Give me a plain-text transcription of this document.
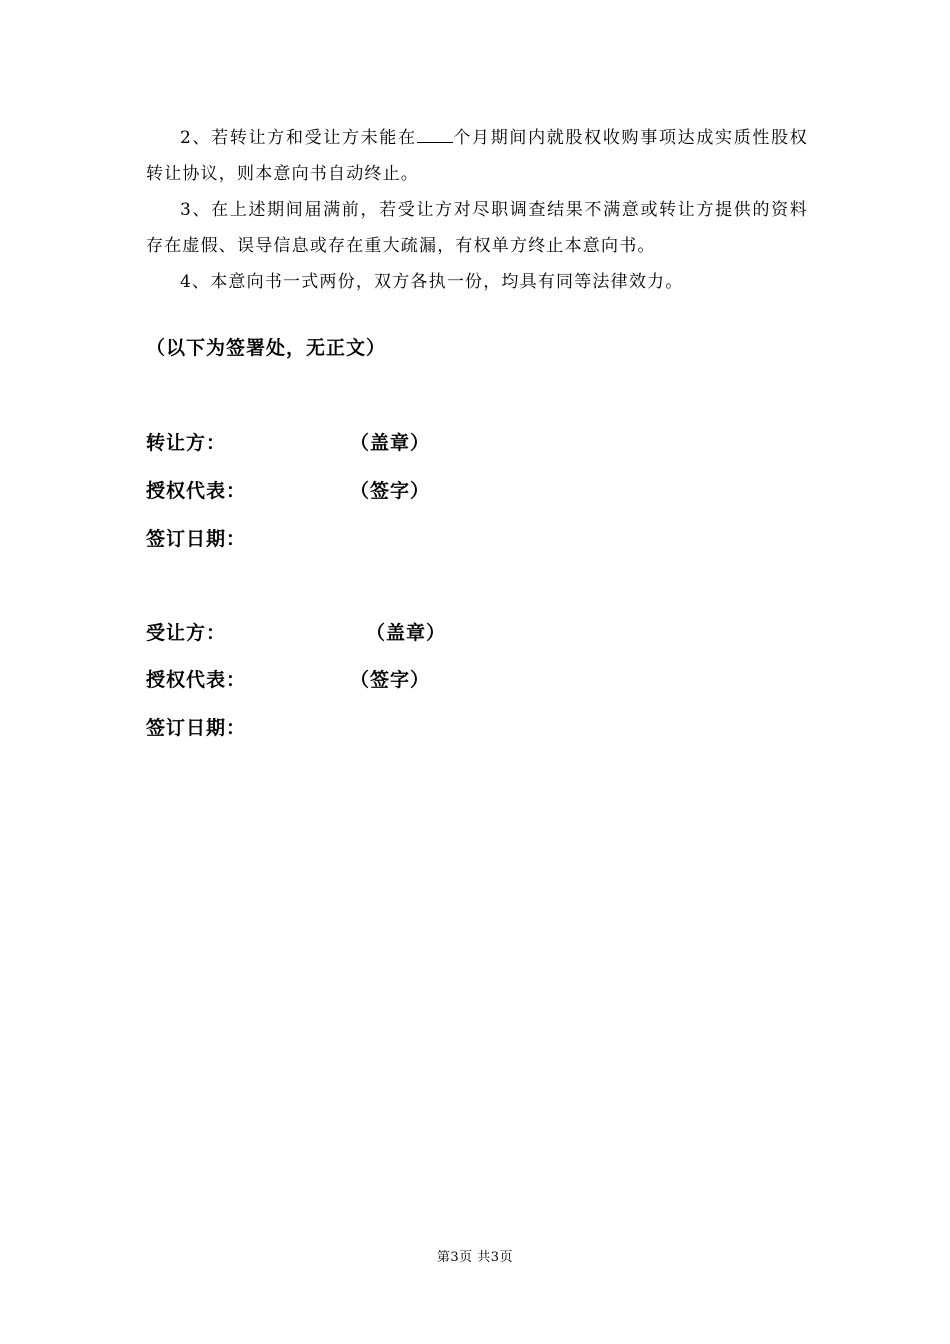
2、若转让方和受让方未能在 个月期间内就股权收购事项达成实质性股权转让协议，则本意向书自动终止。

3、在上述期间届满前，若受让方对尽职调查结果不满意或转让方提供的资料存在虚假、误导信息或存在重大疏漏，有权单方终止本意向书。

4、本意向书一式两份，双方各执一份，均具有同等法律效力。

（以下为签署处，无正文）

转让方：	（盖章）
授权代表：	（签字）
签订日期：
受让方：	（盖章）
授权代表：	（签字）
签订日期：
第3页 共3页
